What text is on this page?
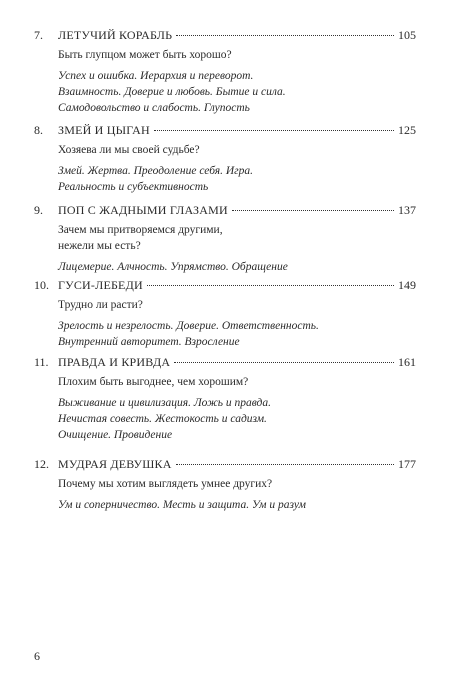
7.	ЛЕТУЧИЙ КОРАБЛЬ	105
Быть глупцом может быть хорошо?
Успех и ошибка. Иерархия и переворот.
Взаимность. Доверие и любовь. Бытие и сила.
Самодовольство и слабость. Глупость
8.	ЗМЕЙ И ЦЫГАН	125
Хозяева ли мы своей судьбе?
Змей. Жертва. Преодоление себя. Игра.
Реальность и субъективность
9.	ПОП С ЖАДНЫМИ ГЛАЗАМИ	137
Зачем мы притворяемся другими,
нежели мы есть?
Лицемерие. Алчность. Упрямство. Обращение
10. ГУСИ-ЛЕБЕДИ	149
Трудно ли расти?
Зрелость и незрелость. Доверие. Ответственность.
Внутренний авторитет. Взросление
11. ПРАВДА И КРИВДА	161
Плохим быть выгоднее, чем хорошим?
Выживание и цивилизация. Ложь и правда.
Нечистая совесть. Жестокость и садизм.
Очищение. Провидение
12. МУДРАЯ ДЕВУШКА	177
Почему мы хотим выглядеть умнее других?
Ум и соперничество. Месть и защита. Ум и разум
6
